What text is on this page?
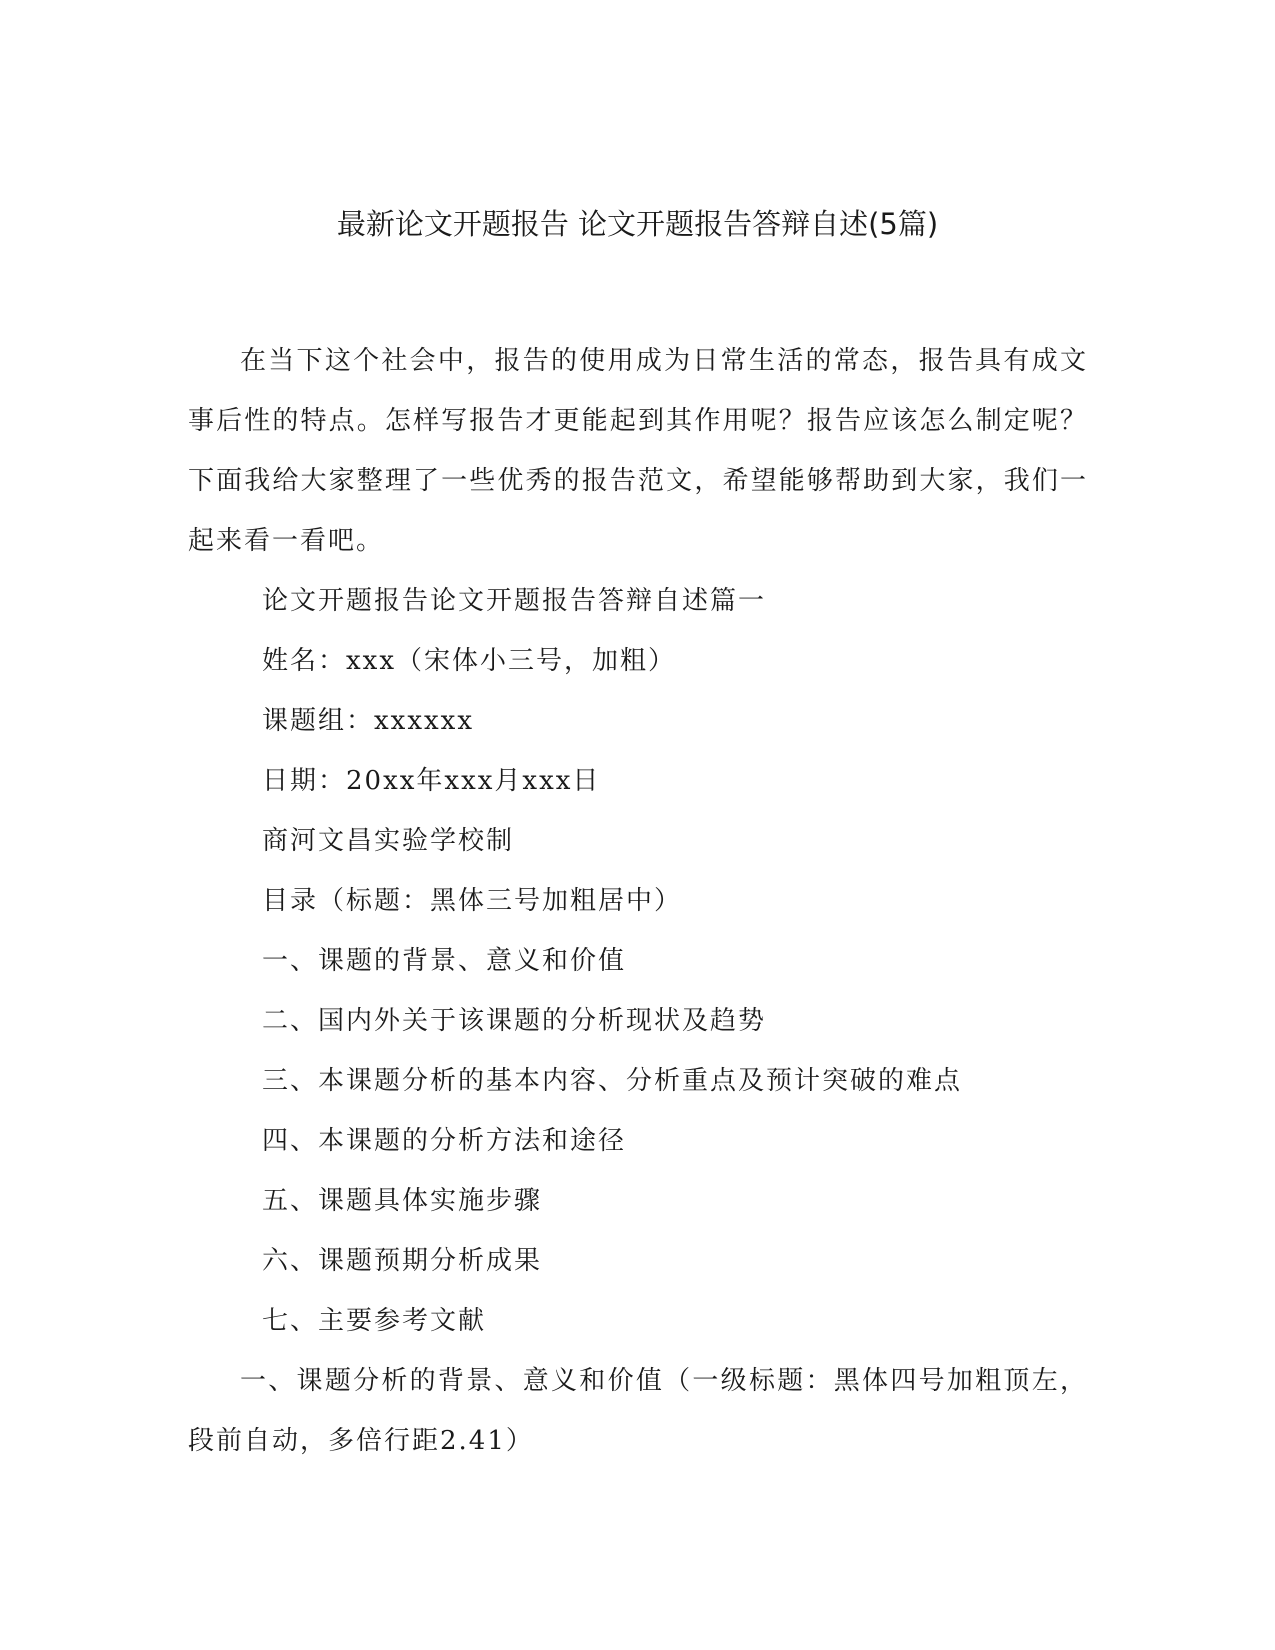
最新论文开题报告 论文开题报告答辩自述(5篇)

在当下这个社会中，报告的使用成为日常生活的常态，报告具有成文事后性的特点。怎样写报告才更能起到其作用呢？报告应该怎么制定呢？下面我给大家整理了一些优秀的报告范文，希望能够帮助到大家，我们一起来看一看吧。

论文开题报告论文开题报告答辩自述篇一

姓名：xxx（宋体小三号，加粗）

课题组：xxxxxx

日期：20xx年xxx月xxx日

商河文昌实验学校制

目录（标题：黑体三号加粗居中）

一、课题的背景、意义和价值

二、国内外关于该课题的分析现状及趋势

三、本课题分析的基本内容、分析重点及预计突破的难点

四、本课题的分析方法和途径

五、课题具体实施步骤

六、课题预期分析成果

七、主要参考文献

一、课题分析的背景、意义和价值（一级标题：黑体四号加粗顶左，段前自动，多倍行距2.41）
